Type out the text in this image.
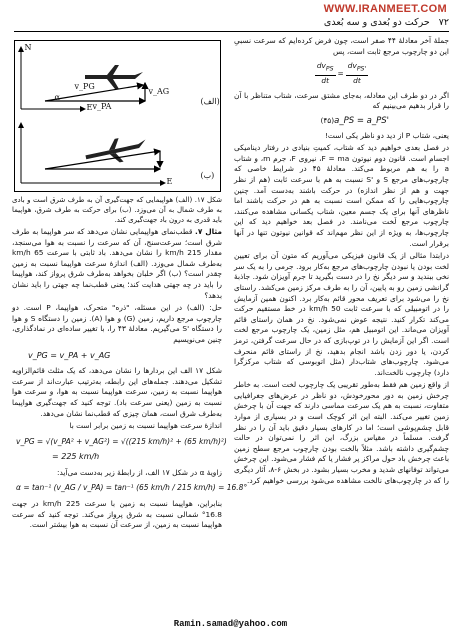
WWW.IRANMEET.COM
۷۲   حرکت دو بُعدی و سه بُعدی

جملهٔ آخر معادلهٔ ۴۴ صفر است، چون فرض کرده‌ایم که سرعت نسبیِ این دو چارچوب مرجع ثابت است، پس

$\frac{dv_{PS}}{dt} = \frac{dv_{PS'}}{dt}$

اگر در دو طرف این معادله، به‌جای مشتق سرعت، شتاب متناظر با آن را قرار بدهیم می‌بینیم که

(۴۵) a_PS = a_PS'

یعنی، شتاب P از دید دو ناظر یکی است!

در فصل بعدی خواهیم دید که شتاب، کمیتِ بنیادی در رفتار دینامیکی اجسام است. قانون دوم نیوتون F = ma، نیروی F، جرم m، و شتاب a را به هم مربوط می‌کند. معادلهٔ ۴۵ در شرایط خاصی که چارچوب‌های مرجع S و 'S نسبت به هم با سرعت ثابت (هم از نظر جهت و هم از نظر اندازه) در حرکت باشند به‌دست آمد. چنین چارچوب‌هایی را که ممکن است نسبت به هم در حرکت باشند اما ناظرهای آنها برای یک جسم معین، شتاب یکسانی مشاهده می‌کنند، چارچوب مرجع لَخت می‌نامند. در فصل بعد خواهیم دید که این چارچوب‌ها، به ویژه از این نظر مهم‌اند که قوانین نیوتون تنها در آنها برقرار است.

درابتدا مثالی از یک قانون فیزیکی می‌آوریم که متون آن برای تعیین لخت بودن یا نبودن چارچوب‌های مرجع به‌کار برود. جرمی را به یک سر نخی ببندید و سر دیگر نخ را در دست بگیرید تا جرم آویزان شود. جاذبهٔ گرانشی زمین رو به پایین، آن را به طرف مرکز زمین می‌کشد. راستای نخ را می‌شود برای تعریف محور قائم به‌کار برد. اکنون همین آزمایش را در اتومبیلی که با سرعت ثابت 50 km/h در خط مستقیم حرکت می‌کند تکرار کنید. نتیجه عوض نمی‌شود. نخ در همان راستای قائم آویزان می‌ماند. این اتومبیل هم، مثل زمین، یک چارچوب مرجع لخت است. اگر این آزمایش را در توپ‌بازی که در حال سرعت گرفتن، ترمز کردن، یا دور زدن باشد انجام بدهید، نخ از راستای قائم منحرف می‌شود. چارچوب‌های شتاب‌دار (مثل اتوبوسی که شتاب مرکزگرا دارد) چارچوب نالخت‌اند.

از واقع زمین هم فقط به‌طور تقریبی یک چارچوب لخت است. به خاطر چرخش زمین به دور محورخودش، دو ناظر در عرض‌های جغرافیایی متفاوت، نسبت به هم یک سرعت مماسی دارند که جهت آن با چرخش زمین تغییر می‌کند. البته این اثر کوچک است و در بسیاری از موارد قابل چشم‌پوشی است؛ اما در کارهای بسیار دقیق باید آن را در نظر گرفت. مسلماً در مقیاس بزرگ، این اثر را نمی‌توان در حالت چشم‌گیری داشته باشد. مثلاً بالخت بودن چارچوب مرجع سطح زمین باعث چرخش باد حول مراکز پر فشار یا کم فشار می‌شود. این چرخش می‌تواند توفانهای شدید و مخرب بسیار بشود. در بخش ۶-۸، آثار دیگری را که در چارچوب‌های نالخت مشاهده می‌شود بررسی خواهیم کرد.

N
E
E
v_PA
v_AG
v_PG
α	(الف)
(ب)

شکل ۱۷. (الف) هواپیمایی که جهت‌گیری آن به طرف شرق است و بادی به طرف شمال به آن می‌وزد. (ب) برای حرکت به طرف شرق، هواپیما باید قدری به درون باد جهت‌گیری کند.

مثال ۷. قطب‌نمای هواپیمایی نشان می‌دهد که سر هواپیما به طرف شرق است؛ سرعت‌سنج، آن که سرعت را نسبت به هوا می‌سنجد، مقدار 215 km/h را نشان می‌دهد. باد ثابتی با سرعت 65 km/h به‌طرف شمال می‌وزد. (الف) اندازهٔ سرعت هواپیما نسبت به زمین چقدر است؟ (ب) اگر خلبان بخواهد به‌طرف شرق پرواز کند، هواپیما را باید در چه جهتی هدایت کند؛ یعنی قطب‌نما چه جهتی را باید نشان بدهد؟

حل: (الف) در این مسئله، "ذره" متحرک، هواپیما، P است. دو چارچوب مرجع داریم، زمین (G) و هوا (A). زمین را دستگاه S و هوا را دستگاه 'S می‌گیریم. معادلهٔ ۴۳ را، با تغییر ساده‌ای در نمادگذاری، چنین می‌نویسیم

v_PG = v_PA + v_AG

شکل ۱۷ الف این بردارها را نشان می‌دهد، که یک مثلث قائم‌الزاویه تشکیل می‌دهند. جمله‌های این رابطه، به‌ترتیب عبارت‌اند از سرعت هواپیما نسبت به زمین، سرعت هواپیما نسبت به هوا، و سرعت هوا نسبت به زمین (یعنی سرعت باد). توجه کنید که جهت‌گیری هواپیما به‌طرف شرق است، همان چیزی که قطب‌نما نشان می‌دهد.

اندازهٔ سرعت هواپیما نسبت به زمین برابر است با

v_PG = √(v_PA² + v_AG²) = √((215 km/h)² + (65 km/h)²)
= 225 km/h

زاویهٔ α در شکل ۱۷ الف، از رابطهٔ زیر به‌دست می‌آید:

α = tan⁻¹ (v_AG / v_PA) = tan⁻¹ (65 km/h / 215 km/h) = 16.8°

بنابراین، هواپیما نسبت به زمین با سرعت 225 km/h در جهت 16.8° شمالی نسبت به شرق پرواز می‌کند. توجه کنید که سرعت هواپیما نسبت به زمین، از سرعت آن نسبت به هوا بیشتر است.

Ramin.samad@yahoo.com
